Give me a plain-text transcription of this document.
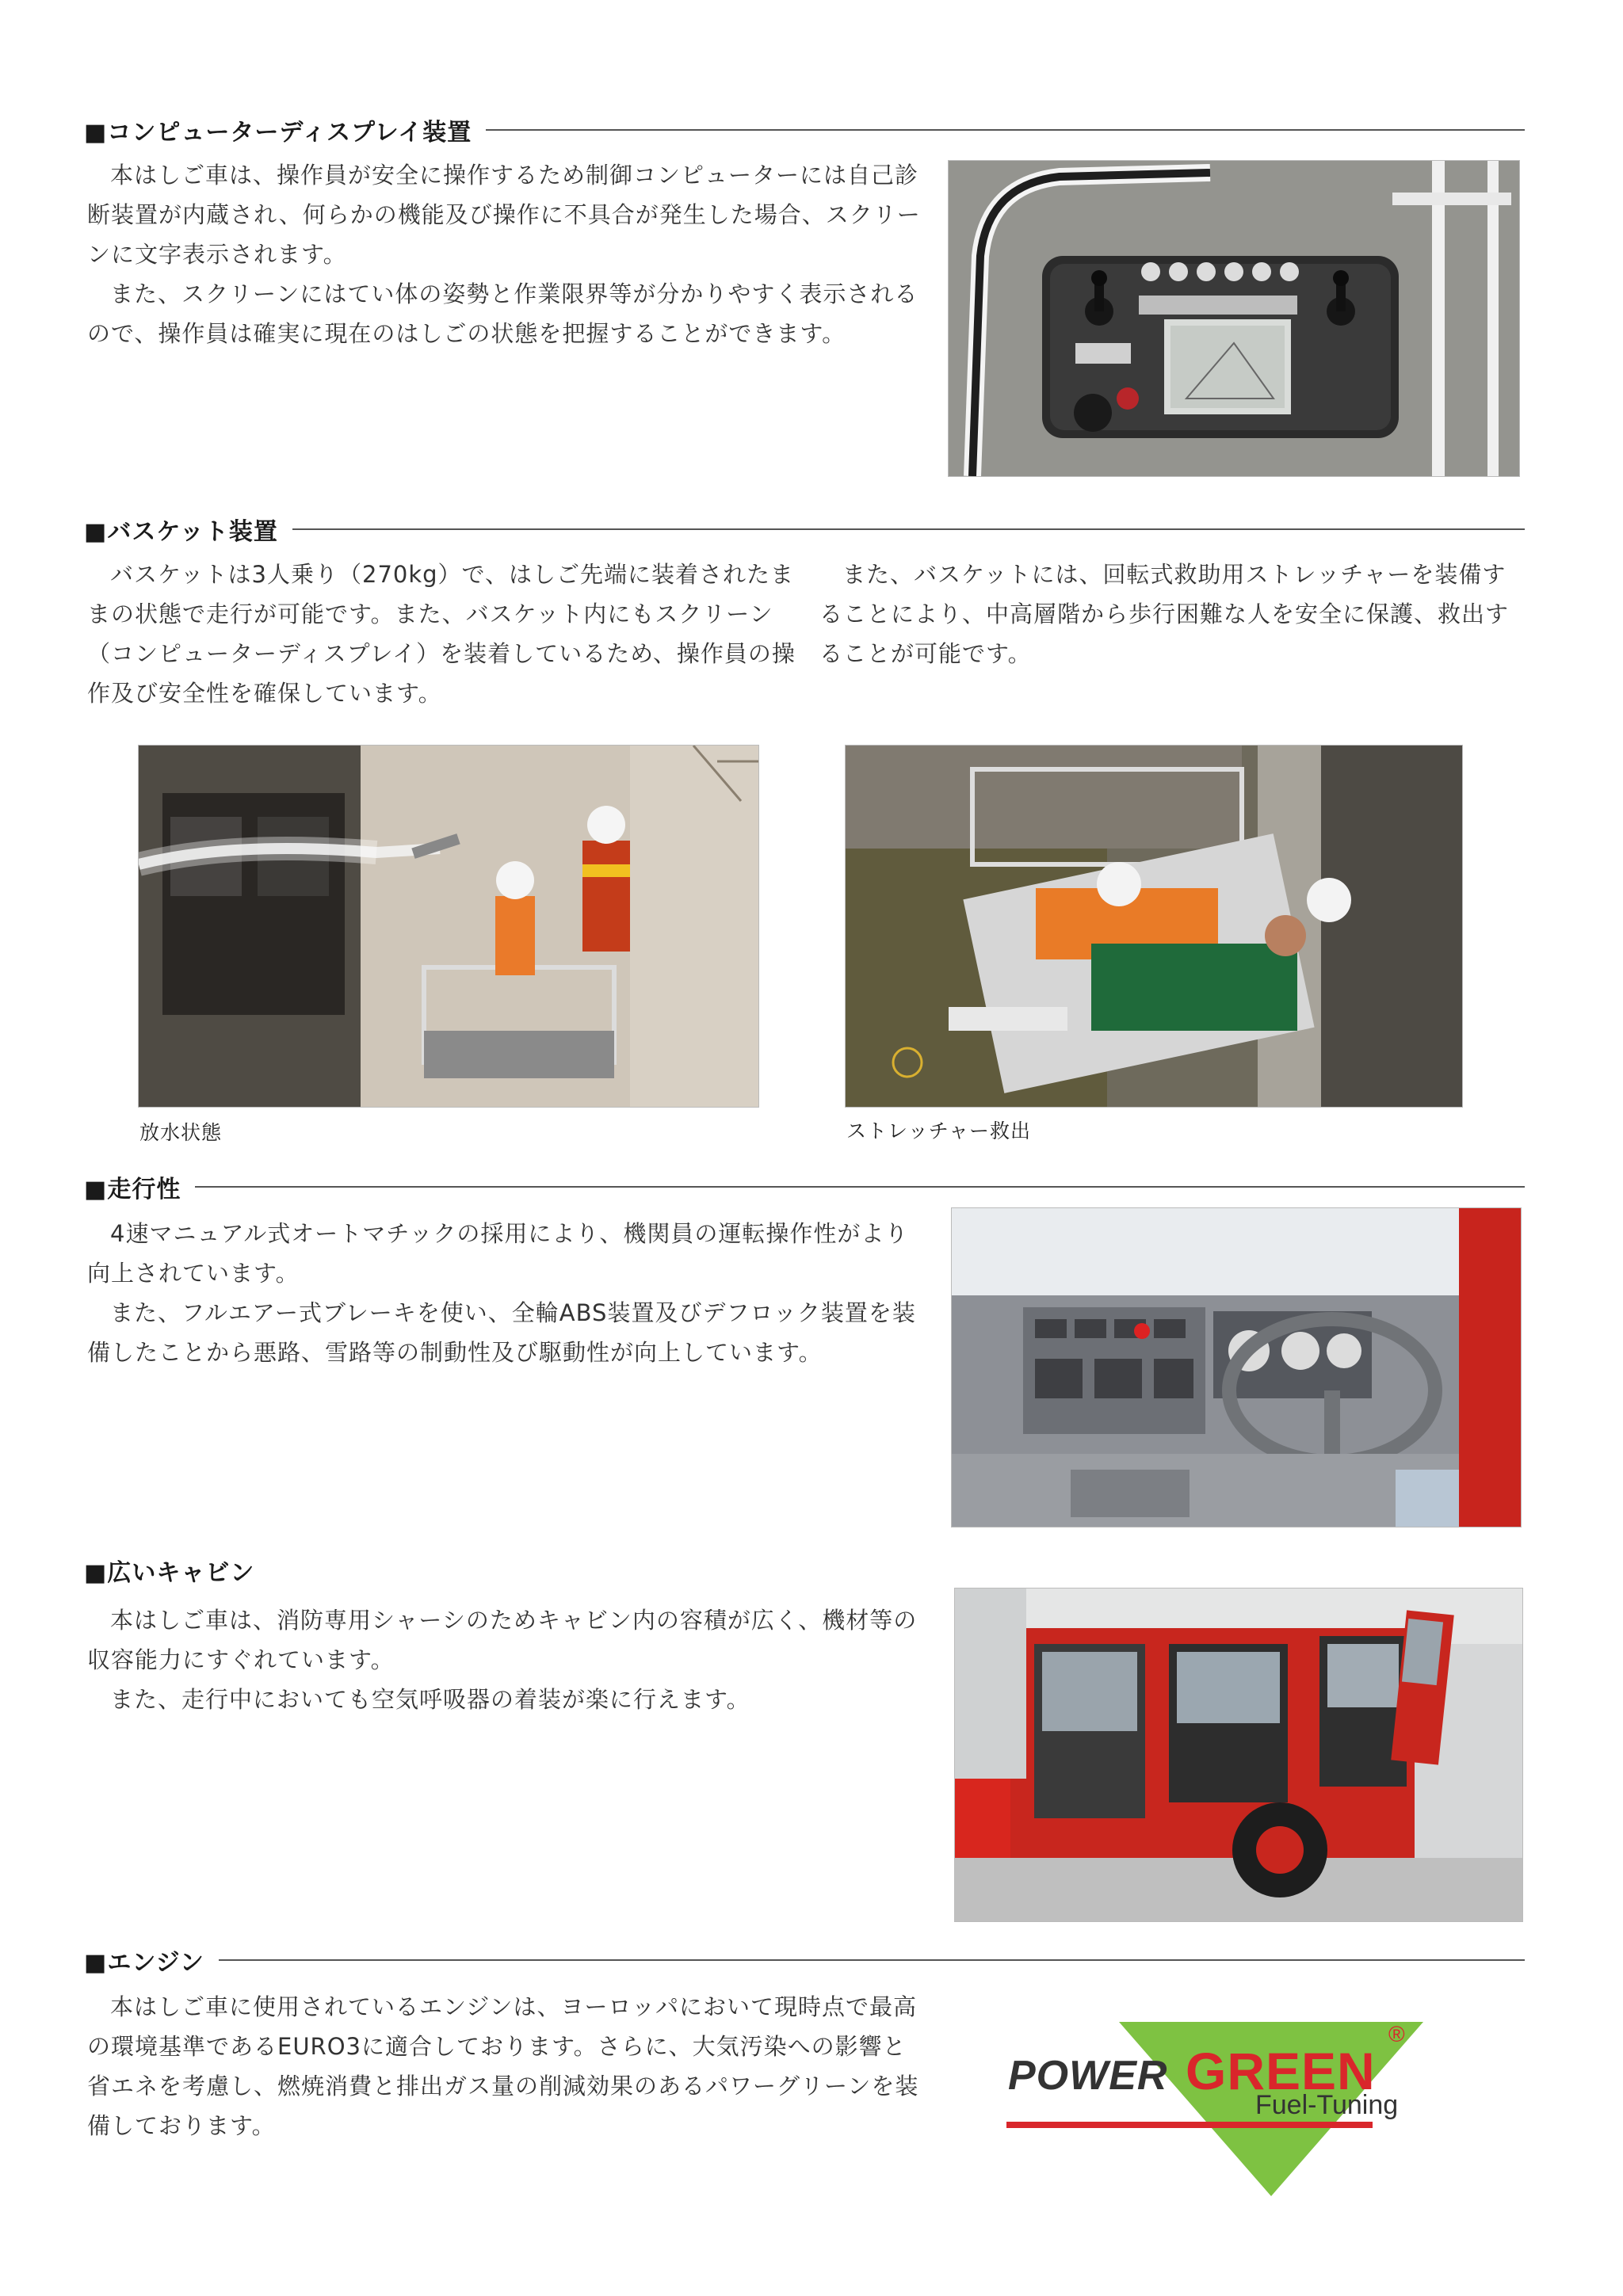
■コンピューターディスプレイ装置

本はしご車は、操作員が安全に操作するため制御コンピューターには自己診断装置が内蔵され、何らかの機能及び操作に不具合が発生した場合、スクリーンに文字表示されます。

また、スクリーンにはてい体の姿勢と作業限界等が分かりやすく表示されるので、操作員は確実に現在のはしごの状態を把握することができます。

■バスケット装置

バスケットは3人乗り（270kg）で、はしご先端に装着されたままの状態で走行が可能です。また、バスケット内にもスクリーン（コンピューターディスプレイ）を装着しているため、操作員の操作及び安全性を確保しています。

また、バスケットには、回転式救助用ストレッチャーを装備することにより、中高層階から歩行困難な人を安全に保護、救出することが可能です。

放水状態	ストレッチャー救出
■走行性

4速マニュアル式オートマチックの採用により、機関員の運転操作性がより向上されています。

また、フルエアー式ブレーキを使い、全輪ABS装置及びデフロック装置を装備したことから悪路、雪路等の制動性及び駆動性が向上しています。

■広いキャビン

本はしご車は、消防専用シャーシのためキャビン内の容積が広く、機材等の収容能力にすぐれています。

また、走行中においても空気呼吸器の着装が楽に行えます。

■エンジン

本はしご車に使用されているエンジンは、ヨーロッパにおいて現時点で最高の環境基準であるEURO3に適合しております。さらに、大気汚染への影響と省エネを考慮し、燃焼消費と排出ガス量の削減効果のあるパワーグリーンを装備しております。

POWER GREEN
®
Fuel-Tuning
